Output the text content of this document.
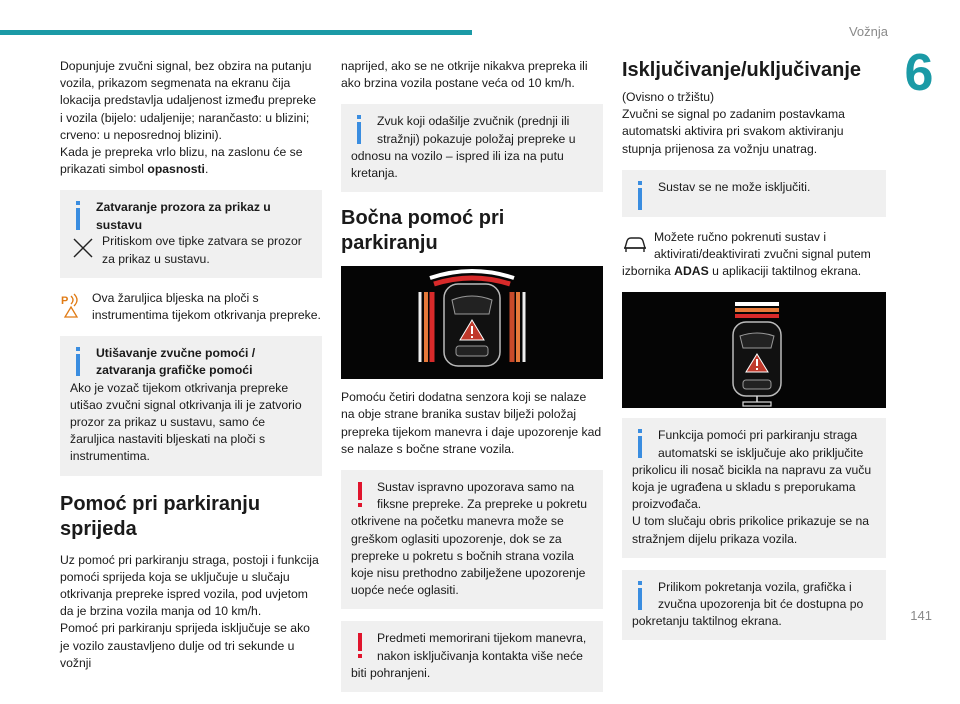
Vožnja
6
141

Dopunjuje zvučni signal, bez obzira na putanju vozila, prikazom segmenata na ekranu čija lokacija predstavlja udaljenost između prepreke i vozila (bijelo: udaljenije; narančasto: u blizini; crveno: u neposrednoj blizini).

Kada je prepreka vrlo blizu, na zaslonu će se prikazati simbol opasnosti.

Zatvaranje prozora za prikaz u sustavu
Pritiskom ove tipke zatvara se prozor za prikaz u sustavu.
P Ova žaruljica bljeska na ploči s instrumentima tijekom otkrivanja prepreke.
Utišavanje zvučne pomoći / zatvaranja grafičke pomoći

Ako je vozač tijekom otkrivanja prepreke utišao zvučni signal otkrivanja ili je zatvorio prozor za prikaz u sustavu, samo će žaruljica nastaviti bljeskati na ploči s instrumentima.

Pomoć pri parkiranju sprijeda

Uz pomoć pri parkiranju straga, postoji i funkcija pomoći sprijeda koja se uključuje u slučaju otkrivanja prepreke ispred vozila, pod uvjetom da je brzina vozila manja od 10 km/h.

Pomoć pri parkiranju sprijeda isključuje se ako je vozilo zaustavljeno dulje od tri sekunde u vožnji

naprijed, ako se ne otkrije nikakva prepreka ili ako brzina vozila postane veća od 10 km/h.

Zvuk koji odašilje zvučnik (prednji ili stražnji) pokazuje položaj prepreke u odnosu na vozilo – ispred ili iza na putu kretanja.

Bočna pomoć pri parkiranju

Pomoću četiri dodatna senzora koji se nalaze na obje strane branika sustav bilježi položaj prepreka tijekom manevra i daje upozorenje kad se nalaze s bočne strane vozila.

Sustav ispravno upozorava samo na fiksne prepreke. Za prepreke u pokretu otkrivene na početku manevra može se greškom oglasiti upozorenje, dok se za prepreke u pokretu s bočnih strana vozila koje nisu prethodno zabilježene upozorenje uopće neće oglasiti.

Predmeti memorirani tijekom manevra, nakon isključivanja kontakta više neće biti pohranjeni.

Isključivanje/uključivanje

(Ovisno o tržištu)

Zvučni se signal po zadanim postavkama automatski aktivira pri svakom aktiviranju stupnja prijenosa za vožnju unatrag.

Sustav se ne može isključiti.

Možete ručno pokrenuti sustav i aktivirati/deaktivirati zvučni signal putem izbornika ADAS u aplikaciji taktilnog ekrana.

Funkcija pomoći pri parkiranju straga automatski se isključuje ako priključite prikolicu ili nosač bicikla na napravu za vuču koja je ugrađena u skladu s preporukama proizvođača.

U tom slučaju obris prikolice prikazuje se na stražnjem dijelu prikaza vozila.

Prilikom pokretanja vozila, grafička i zvučna upozorenja bit će dostupna po pokretanju taktilnog ekrana.
